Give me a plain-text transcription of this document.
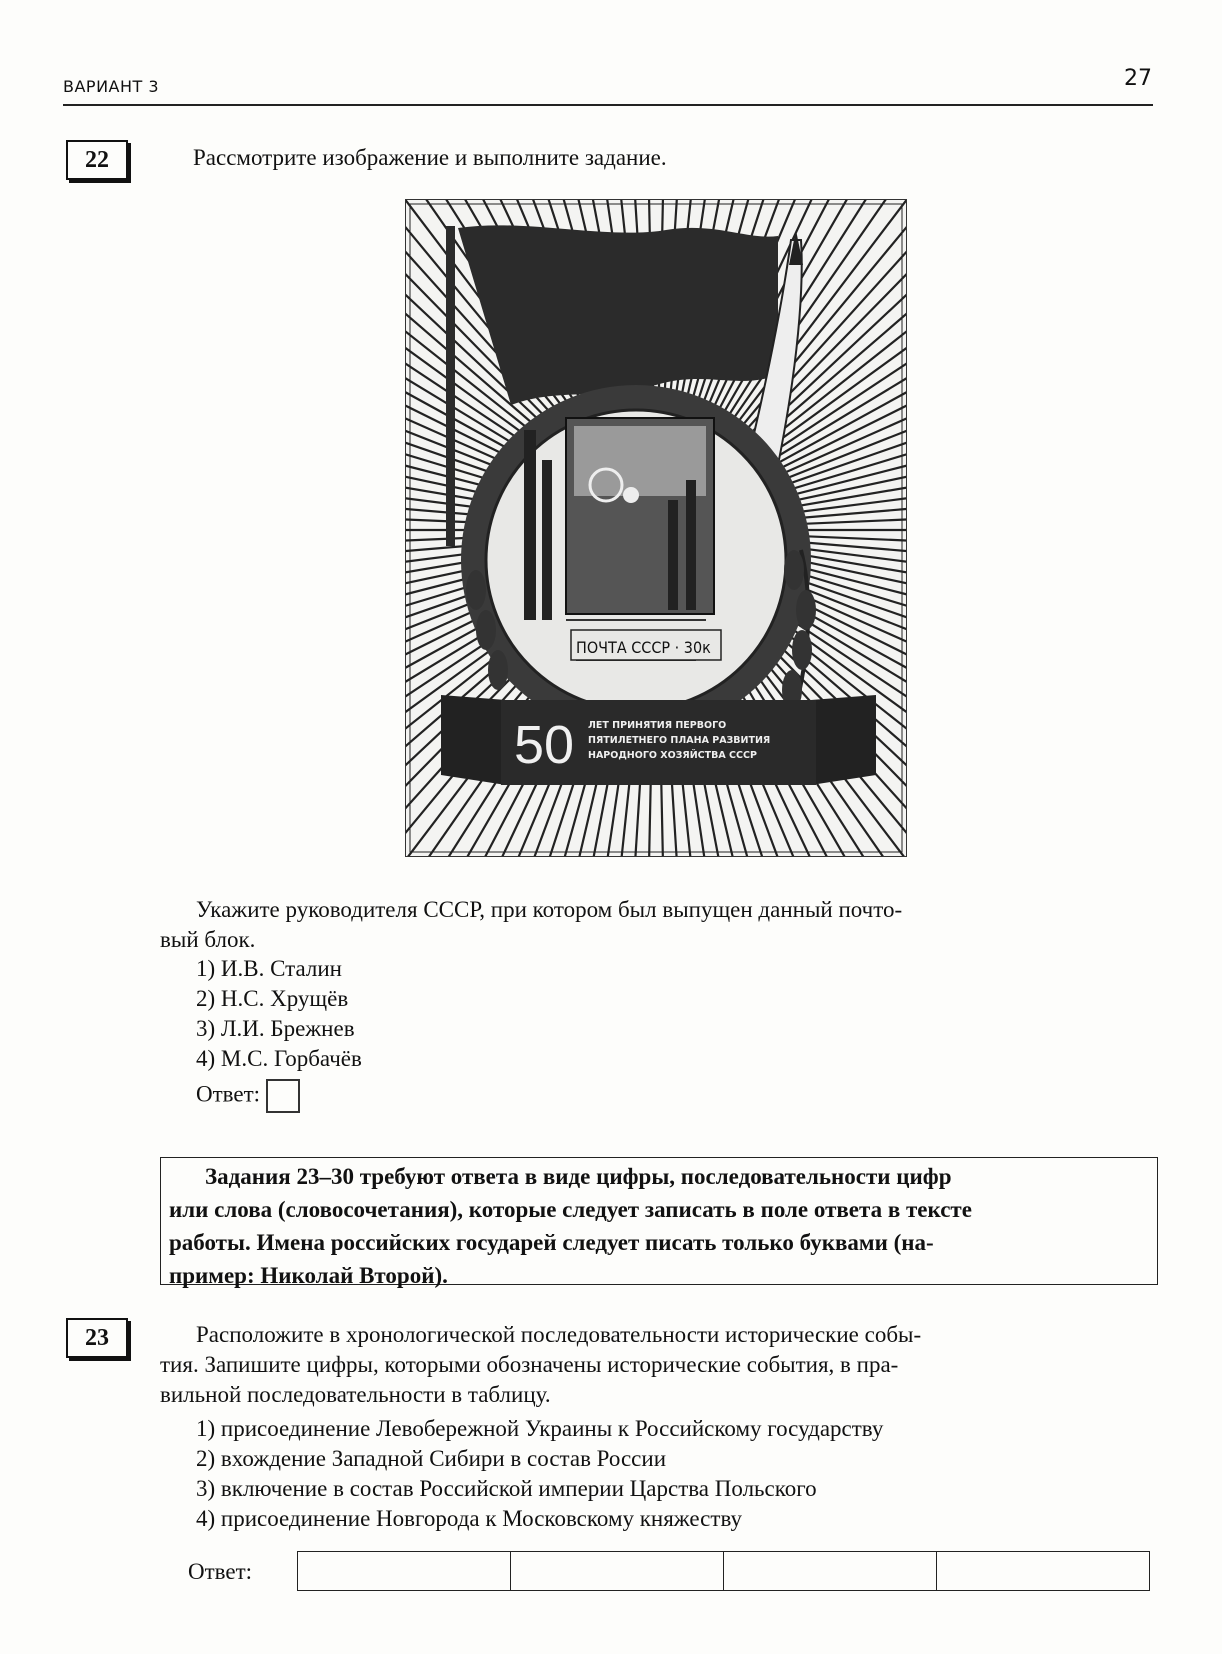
ВАРИАНТ 3	27
22	Рассмотрите изображение и выполните задание.
ПОЧТА СССР · 30к
50 ЛЕТ ПРИНЯТИЯ ПЕРВОГО
ПЯТИЛЕТНЕГО ПЛАНА РАЗВИТИЯ
НАРОДНОГО ХОЗЯЙСТВА СССР
Укажите руководителя СССР, при котором был выпущен данный почто-
вый блок.
1) И.В. Сталин
2) Н.С. Хрущёв
3) Л.И. Брежнев
4) М.С. Горбачёв
Ответ:

Задания 23–30 требуют ответа в виде цифры, последовательности цифр

или слова (словосочетания), которые следует записать в поле ответа в тексте

работы. Имена российских государей следует писать только буквами (на-

пример: Николай Второй).

23	Расположите в хронологической последовательности исторические собы-
тия. Запишите цифры, которыми обозначены исторические события, в пра-
вильной последовательности в таблицу.
1) присоединение Левобережной Украины к Российскому государству
2) вхождение Западной Сибири в состав России
3) включение в состав Российской империи Царства Польского
4) присоединение Новгорода к Московскому княжеству
Ответ:
